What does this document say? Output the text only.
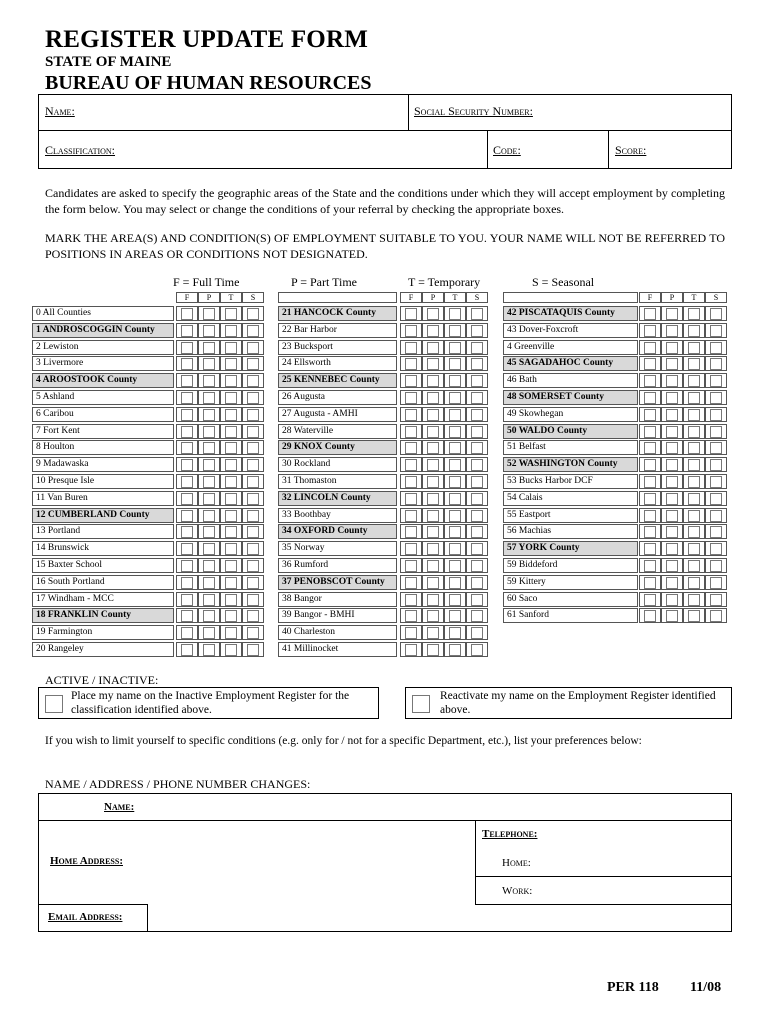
REGISTER UPDATE FORM
STATE OF MAINE
BUREAU OF HUMAN RESOURCES
Name:	Social Security Number:
Classification:	Code:	Score:
Candidates are asked to specify the geographic areas of the State and the conditions under which they will accept employment by completing the form below. You may select or change the conditions of your referral by checking the appropriate boxes.
MARK THE AREA(S) AND CONDITION(S) OF EMPLOYMENT SUITABLE TO YOU. YOUR NAME WILL NOT BE REFERRED TO POSITIONS IN AREAS OR CONDITIONS NOT DESIGNATED.
F = Full Time	P = Part Time	T = Temporary	S = Seasonal
F	P	T	S
0 All Counties
1 ANDROSCOGGIN County
2 Lewiston
3 Livermore
4 AROOSTOOK County
5 Ashland
6 Caribou
7 Fort Kent
8 Houlton
9 Madawaska
10 Presque Isle
11 Van Buren
12 CUMBERLAND County
13 Portland
14 Brunswick
15 Baxter School
16 South Portland
17 Windham - MCC
18 FRANKLIN County
19 Farmington
20 Rangeley
F	P	T	S
21 HANCOCK County
22 Bar Harbor
23 Bucksport
24 Ellsworth
25 KENNEBEC County
26 Augusta
27 Augusta - AMHI
28 Waterville
29 KNOX County
30 Rockland
31 Thomaston
32 LINCOLN County
33 Boothbay
34 OXFORD County
35 Norway
36 Rumford
37 PENOBSCOT County
38 Bangor
39 Bangor - BMHI
40 Charleston
41 Millinocket
F	P	T	S
42 PISCATAQUIS County
43 Dover-Foxcroft
4 Greenville
45 SAGADAHOC County
46 Bath
48 SOMERSET County
49 Skowhegan
50 WALDO County
51 Belfast
52 WASHINGTON County
53 Bucks Harbor DCF
54 Calais
55 Eastport
56 Machias
57 YORK County
59 Biddeford
59 Kittery
60 Saco
61 Sanford
ACTIVE / INACTIVE:
Place my name on the Inactive Employment Register for the classification identified above.
Reactivate my name on the Employment Register identified above.
If you wish to limit yourself to specific conditions (e.g. only for / not for a specific Department, etc.), list your preferences below:
NAME / ADDRESS / PHONE NUMBER CHANGES:
Name:
Home Address:
Telephone:
Home:
Work:
Email Address:
PER 118 11/08
